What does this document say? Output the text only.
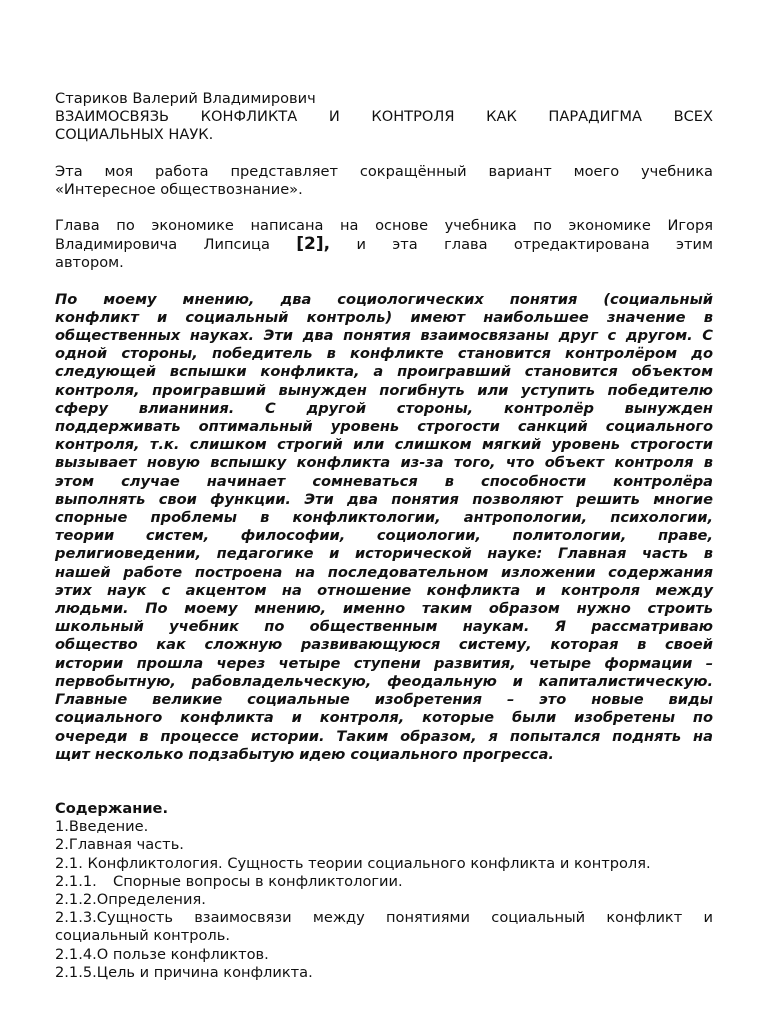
Стариков Валерий Владимирович
ВЗАИМОСВЯЗЬ КОНФЛИКТА И КОНТРОЛЯ КАК ПАРАДИГМА ВСЕХ
СОЦИАЛЬНЫХ НАУК.
Эта моя работа представляет сокращённый вариант моего учебника
«Интересное обществознание».
Глава по экономике написана на основе учебника по экономике Игоря
Владимировича Липсица [2], и эта глава отредактирована этим
автором.
По моему мнению, два социологических понятия (социальный
конфликт и социальный контроль) имеют наибольшее значение в
общественных науках. Эти два понятия взаимосвязаны друг с другом. С
одной стороны, победитель в конфликте становится контролёром до
следующей вспышки конфликта, а проигравший становится объектом
контроля, проигравший вынужден погибнуть или уступить победителю
сферу влианиния. С другой стороны, контролёр вынужден
поддерживать оптимальный уровень строгости санкций социального
контроля, т.к. слишком строгий или слишком мягкий уровень строгости
вызывает новую вспышку конфликта из-за того, что объект контроля в
этом случае начинает сомневаться в способности контролёра
выполнять свои функции. Эти два понятия позволяют решить многие
спорные проблемы в конфликтологии, антропологии, психологии,
теории систем, философии, социологии, политологии, праве,
религиоведении, педагогике и исторической науке: Главная часть в
нашей работе построена на последовательном изложении содержания
этих наук с акцентом на отношение конфликта и контроля между
людьми. По моему мнению, именно таким образом нужно строить
школьный учебник по общественным наукам. Я рассматриваю
общество как сложную развивающуюся систему, которая в своей
истории прошла через четыре ступени развития, четыре формации –
первобытную, рабовладельческую, феодальную и капиталистическую.
Главные великие социальные изобретения – это новые виды
социального конфликта и контроля, которые были изобретены по
очереди в процессе истории. Таким образом, я попытался поднять на
щит несколько подзабытую идею социального прогресса.
Содержание.
1.Введение.
2.Главная часть.
2.1. Конфликтология. Сущность теории социального конфликта и контроля.
2.1.1. Спорные вопросы в конфликтологии.
2.1.2.Определения.
2.1.3.Сущность взаимосвязи между понятиями социальный конфликт и
социальный контроль.
2.1.4.О пользе конфликтов.
2.1.5.Цель и причина конфликта.
